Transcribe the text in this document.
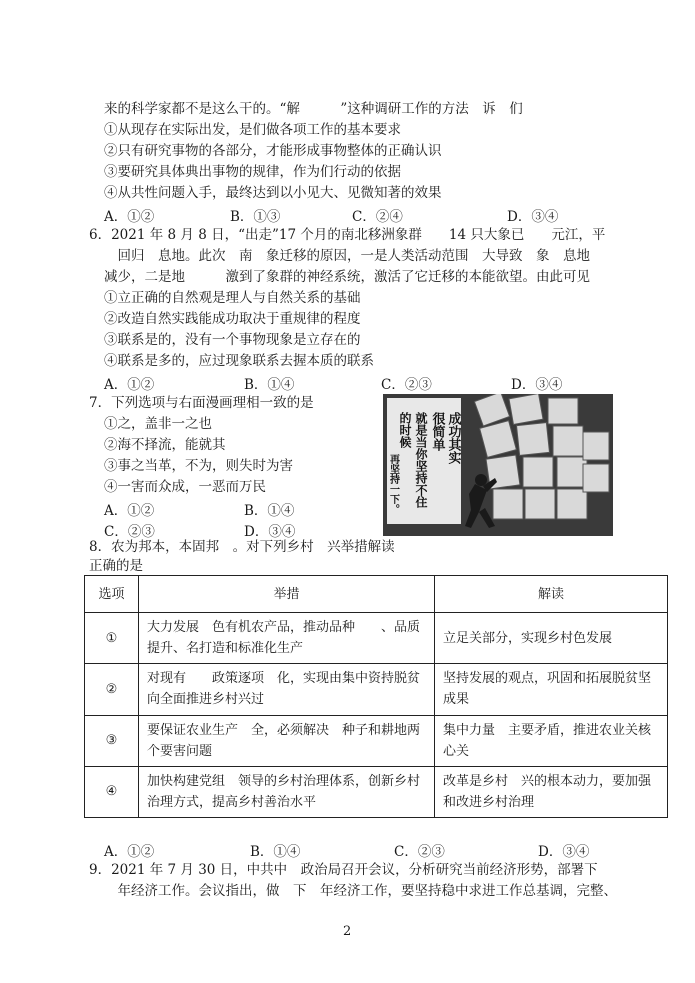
来的科学家都不是这么干的。“解　　　”这种调研工作的方法　诉　们
①从现存在实际出发，是们做各项工作的基本要求
②只有研究事物的各部分，才能形成事物整体的正确认识
③要研究具体典出事物的规律，作为们行动的依据
④从共性问题入手，最终达到以小见大、见微知著的效果
A．①②	B．①③	C．②④	D．③④
6．2021 年 8 月 8 日，“出走”17 个月的南北移洲象群　　14 只大象已　　元江，平
　回归　息地。此次　南　象迁移的原因，一是人类活动范围　大导致　象　息地
减少，二是地　　　激到了象群的神经系统，激活了它迁移的本能欲望。由此可见
①立正确的自然观是理人与自然关系的基础
②改造自然实践能成功取决于重规律的程度
③联系是的，没有一个事物现象是立存在的
④联系是多的，应过现象联系去握本质的联系
A．①②	B．①④	C．②③	D．③④
7．下列选项与右面漫画理相一致的是
①之，盖非一之也
②海不择流，能就其
③事之当革，不为，则失时为害
④一害而众成，一恶而万民
A．①②	B．①④
C．②③	D．③④
成功其实
很简单
就是当你坚持不住
的时候
再坚持一下。
8．农为邦本，本固邦　。对下列乡村　兴举措解读
正确的是
选项	举措	解读
①	大力发展　色有机农产品，推动品种　　、品质提升、名打造和标准化生产	立足关部分，实现乡村色发展
②	对现有　　政策逐项　化，实现由集中资持脱贫向全面推进乡村兴过	坚持发展的观点，巩固和拓展脱贫坚成果
③	要保证农业生产　全，必须解决　种子和耕地两个要害问题	集中力量　主要矛盾，推进农业关核心关
④	加快构建党组　领导的乡村治理体系，创新乡村治理方式，提高乡村善治水平	改革是乡村　兴的根本动力，要加强和改进乡村治理
A．①②	B．①④	C．②③	D．③④
9．2021 年 7 月 30 日，中共中　政治局召开会议，分析研究当前经济形势，部署下
　年经济工作。会议指出，做　下　年经济工作，要坚持稳中求进工作总基调，完整、
2
